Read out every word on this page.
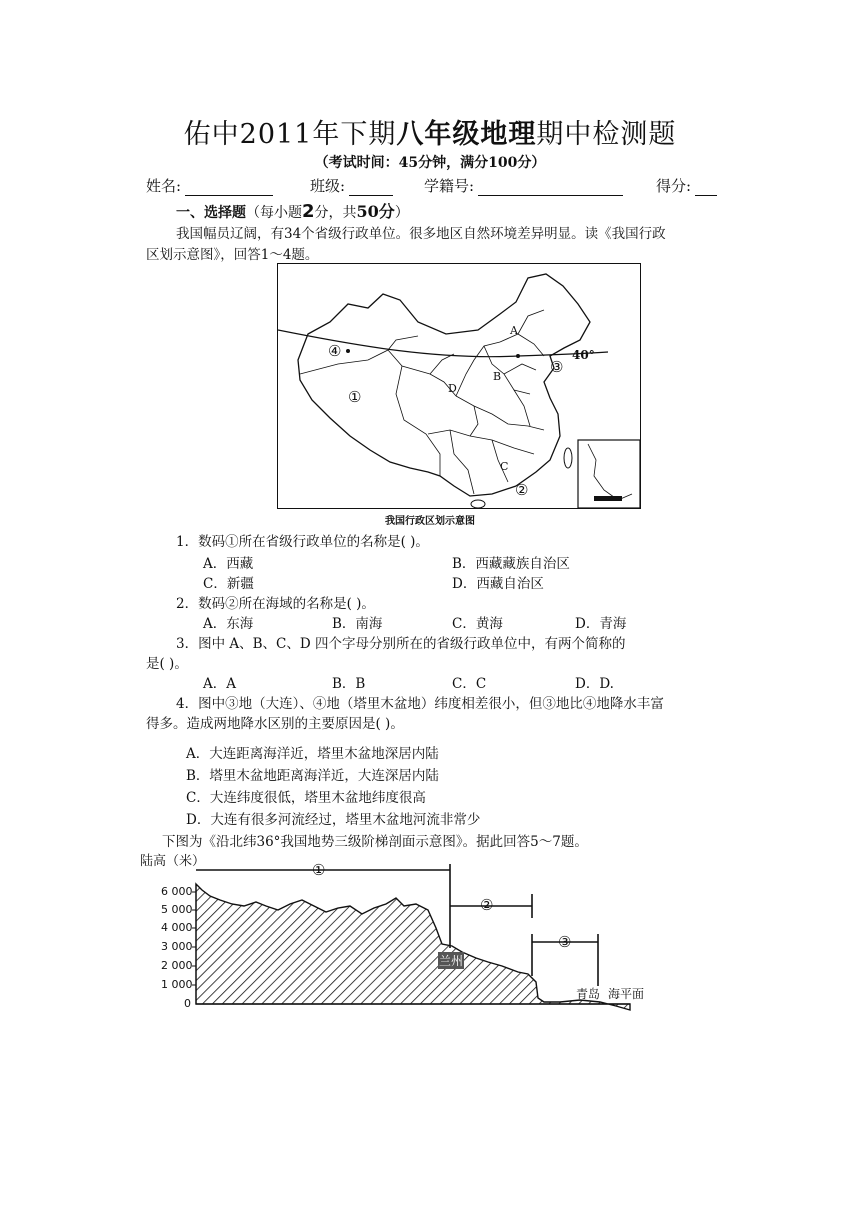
佑中2011年下期八年级地理期中检测题
（考试时间：45分钟，满分100分）
姓名:	班级:	学籍号:	得分:
一、选择题（每小题2分，共50分）
我国幅员辽阔，有34个省级行政单位。很多地区自然环境差异明显。读《我国行政
区划示意图》，回答1～4题。
A
B
C
D
①
②
③
④	40°
我国行政区划示意图
1．数码①所在省级行政单位的名称是( )。
A．西藏	B．西藏藏族自治区
C．新疆	D．西藏自治区
2．数码②所在海域的名称是( )。
A．东海	B．南海	C．黄海	D．青海
3．图中 A、B、C、D 四个字母分别所在的省级行政单位中，有两个简称的
是( )。
A．A	B．B	C．C	D．D.
4．图中③地（大连）、④地（塔里木盆地）纬度相差很小，但③地比④地降水丰富
得多。造成两地降水区别的主要原因是( )。
A．大连距离海洋近，塔里木盆地深居内陆
B．塔里木盆地距离海洋近，大连深居内陆
C．大连纬度很低，塔里木盆地纬度很高
D．大连有很多河流经过，塔里木盆地河流非常少
下图为《沿北纬36°我国地势三级阶梯剖面示意图》。据此回答5～7题。
陆高（米）
6 000
5 000
4 000
3 000
2 000
1 000
0
①
②
③
兰州
青岛 海平面
